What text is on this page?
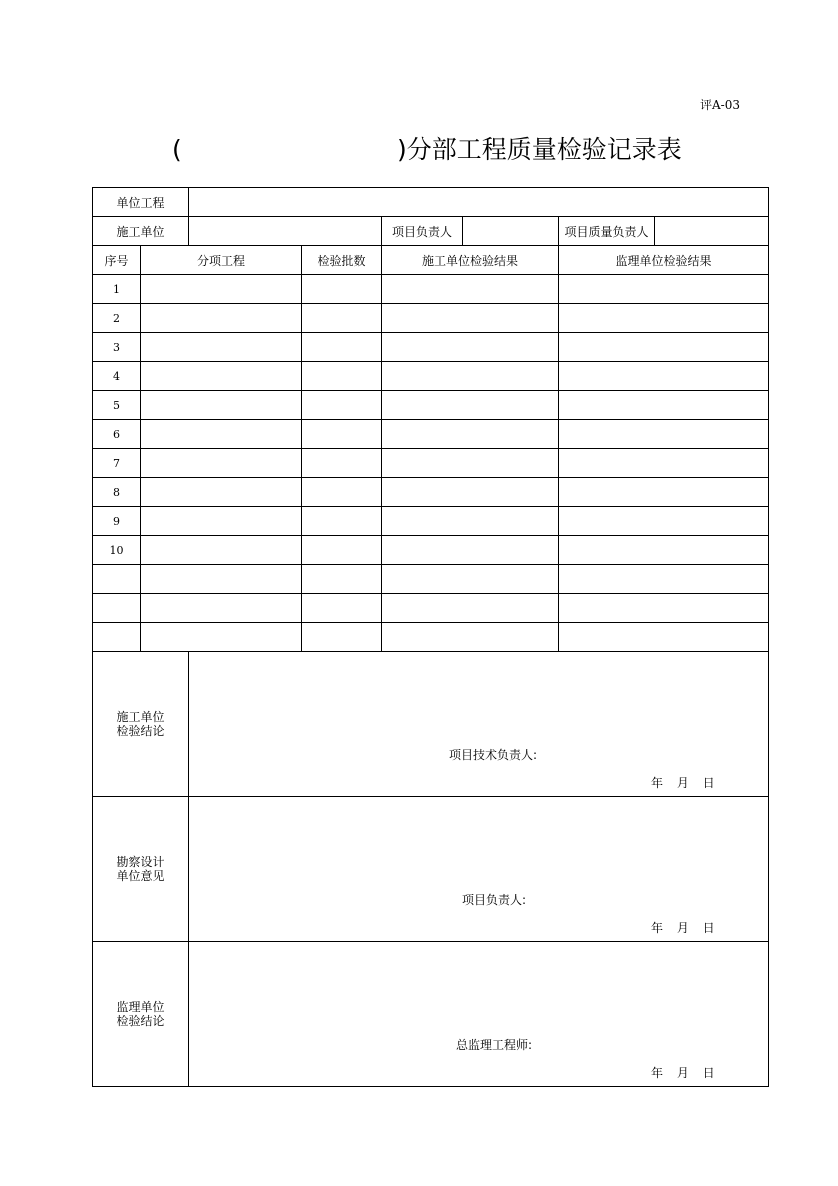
评A-03
(	)分部工程质量检验记录表
单位工程							
施工单位				项目负责人		项目质量负责人	
序号	分项工程		检验批数	施工单位检验结果		监理单位检验结果	
1							
2							
3							
4							
5							
6							
7							
8							
9							
10							

施工单位
检验结论		项目技术负责人:
年 月 日					

勘察设计
单位意见		项目负责人:
年 月 日					

监理单位
检验结论		总监理工程师:
年 月 日					
